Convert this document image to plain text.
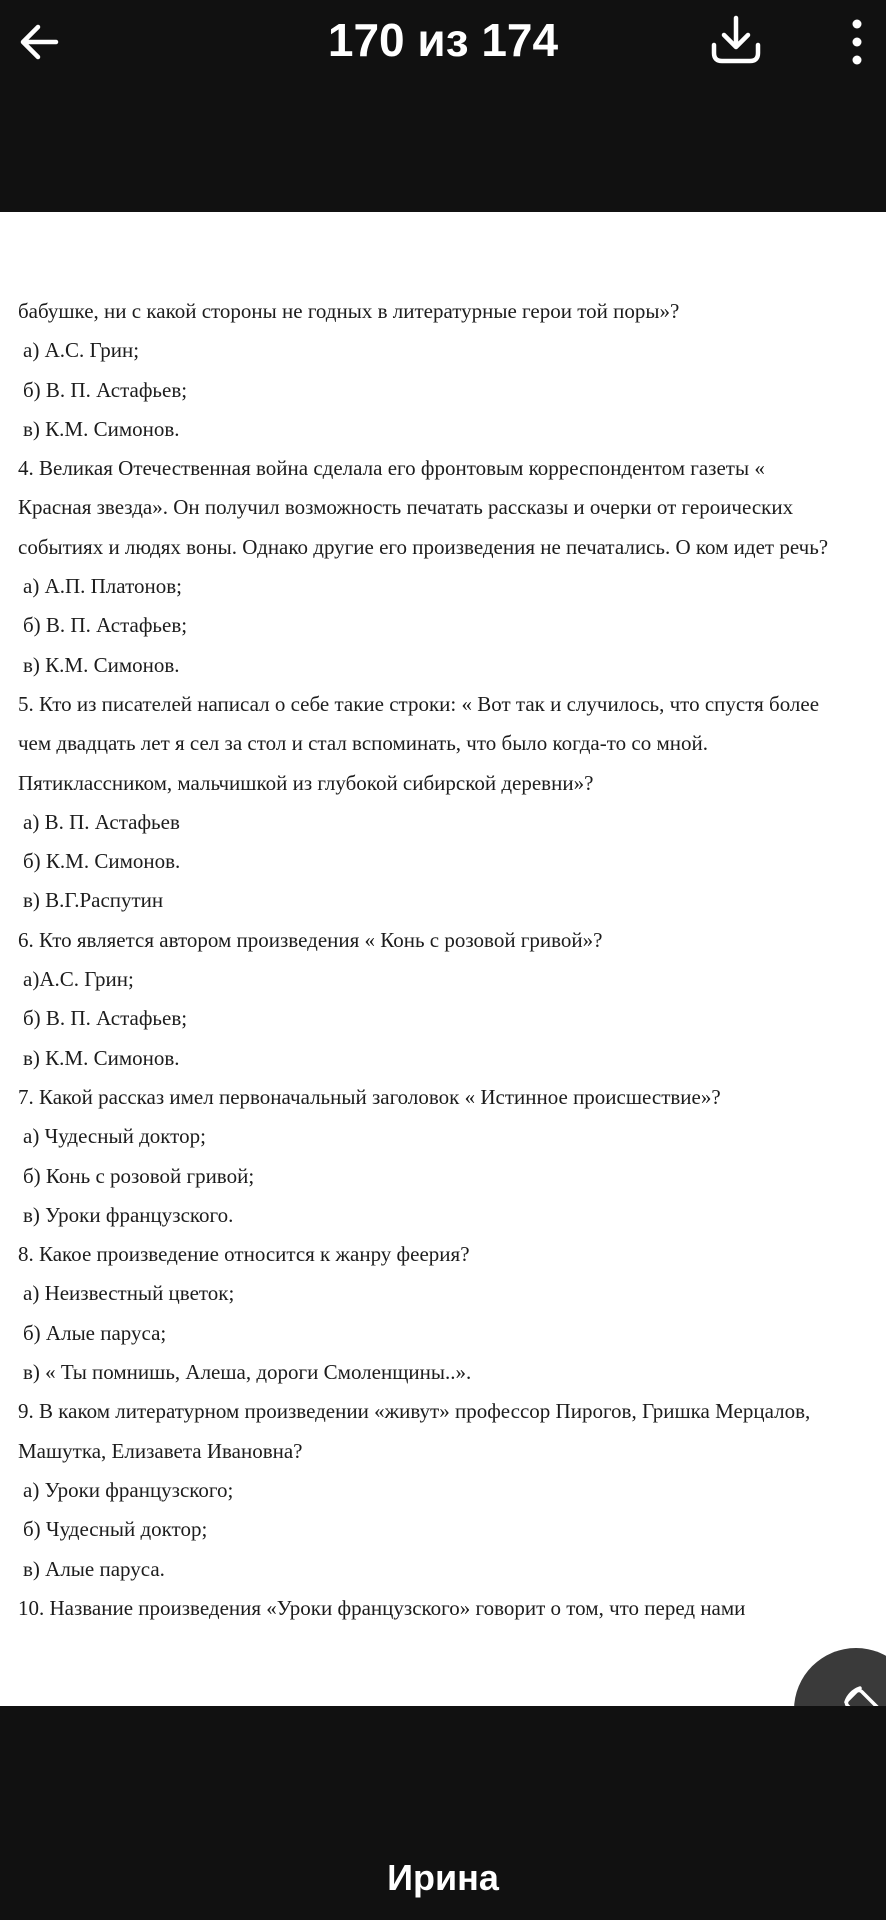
170 из 174
бабушке, ни с какой стороны не годных в литературные герои той поры»?
а) А.С. Грин;
б) В. П. Астафьев;
в) К.М. Симонов.
4. Великая Отечественная война сделала его фронтовым корреспондентом газеты «
Красная звезда». Он получил возможность печатать рассказы и очерки от героических
событиях и людях воны. Однако другие его произведения не печатались. О ком идет речь?
а) А.П. Платонов;
б) В. П. Астафьев;
в) К.М. Симонов.
5. Кто из писателей написал о себе такие строки: « Вот так и случилось, что спустя более
чем двадцать лет я сел за стол и стал вспоминать, что было когда-то со мной.
Пятиклассником, мальчишкой из глубокой сибирской деревни»?
а) В. П. Астафьев
б) К.М. Симонов.
в) В.Г.Распутин
6. Кто является автором произведения « Конь с розовой гривой»?
а)А.С. Грин;
б) В. П. Астафьев;
в) К.М. Симонов.
7. Какой рассказ имел первоначальный заголовок « Истинное происшествие»?
а) Чудесный доктор;
б) Конь с розовой гривой;
в) Уроки французского.
8. Какое произведение относится к жанру феерия?
а) Неизвестный цветок;
б) Алые паруса;
в) « Ты помнишь, Алеша, дороги Смоленщины..».
9. В каком литературном произведении «живут» профессор Пирогов, Гришка Мерцалов,
Машутка, Елизавета Ивановна?
а) Уроки французского;
б) Чудесный доктор;
в) Алые паруса.
10. Название произведения «Уроки французского» говорит о том, что перед нами
Ирина
